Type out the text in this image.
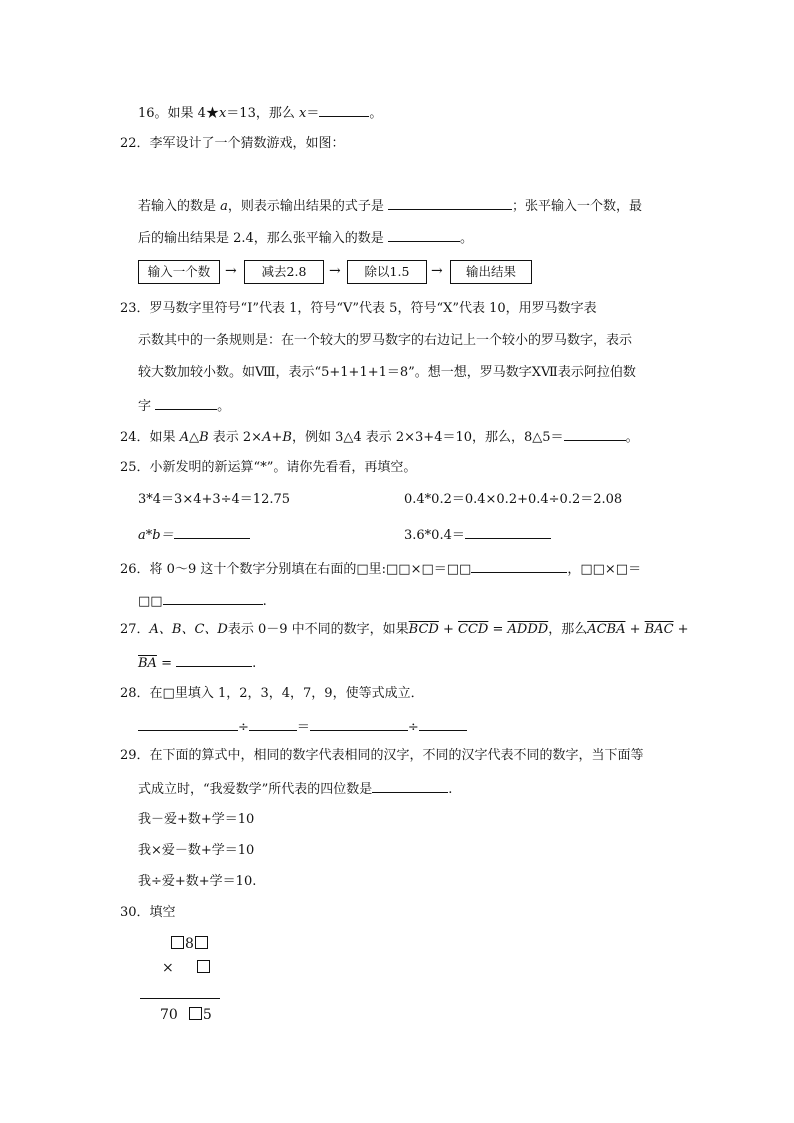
16。如果 4★x＝13，那么 x＝	。
22．李军设计了一个猜数游戏，如图：
若输入的数是 a，则表示输出结果的式子是	；张平输入一个数，最
后的输出结果是 2.4，那么张平输入的数是	。
输入一个数	→	减去2.8	→	除以1.5	→	输出结果
23．罗马数字里符号“Ⅰ”代表 1，符号“Ⅴ”代表 5，符号“Ⅹ”代表 10，用罗马数字表
示数其中的一条规则是：在一个较大的罗马数字的右边记上一个较小的罗马数字，表示
较大数加较小数。如Ⅷ，表示“5+1+1+1＝8”。想一想，罗马数字ⅩⅦ表示阿拉伯数
字	。
24．如果 A△B 表示 2×A+B，例如 3△4 表示 2×3+4＝10，那么，8△5＝	。
25．小新发明的新运算“*”。请你先看看，再填空。
3*4＝3×4+3÷4＝12.75	0.4*0.2＝0.4×0.2+0.4÷0.2＝2.08
a*b＝	3.6*0.4＝
26．将 0～9 这十个数字分别填在右面的□里:□□×□＝□□	，□□×□＝
□□	.
27．A、B、C、D表示 0－9 中不同的数字，如果$\overline{BCD} + \overline{CCD}$ = ADDD，那么ACBA + $\overline{BAC}$ +
$\overline{BA}$ =	.
28．在□里填入 1，2，3，4，7，9，使等式成立．
÷	＝	÷
29．在下面的算式中，相同的数字代表相同的汉字，不同的汉字代表不同的数字，当下面等
式成立时，“我爱数学”所代表的四位数是	.
我－爱+数+学＝10
我×爱－数+学＝10
我÷爱+数+学＝10.
30．填空
8
×
70 5
